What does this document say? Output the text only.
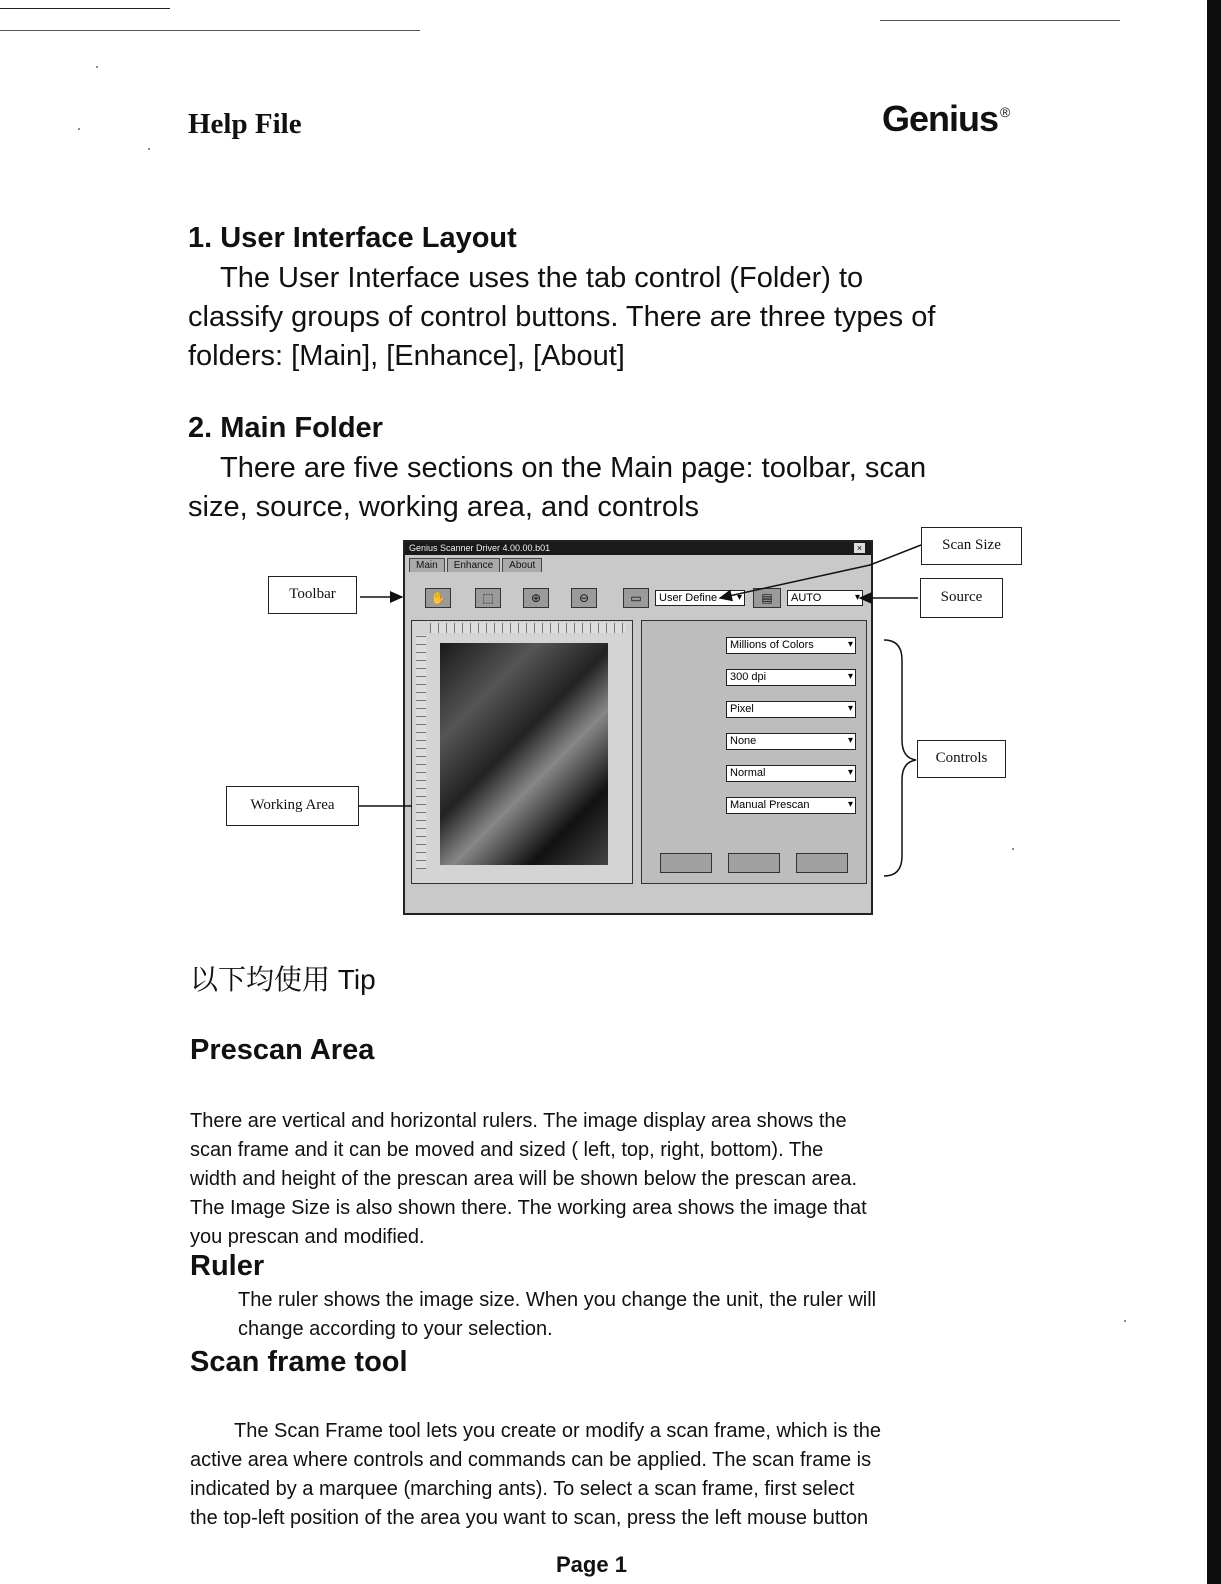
Help File	Genius ®
1. User Interface Layout
The User Interface uses the tab control (Folder) to
classify groups of control buttons. There are three types of
folders: [Main], [Enhance], [About]
2. Main Folder
There are five sections on the Main page: toolbar, scan
size, source, working area, and controls
Genius Scanner Driver 4.00.00.b01	×
Main	Enhance	About
✋	⬚	⊕	⊖	▭	User Define ▾	▤	AUTO	▾
Millions of Colors	▾
300 dpi	▾
Pixel	▾
None	▾
Normal	▾
Manual Prescan	▾
Toolbar
Scan Size
Source
Controls
Working Area
以下均使用 Tip
Prescan Area
There are vertical and horizontal rulers. The image display area shows the
scan frame and it can be moved and sized ( left, top, right, bottom). The
width and height of the prescan area will be shown below the prescan area.
The Image Size is also shown there. The working area shows the image that
you prescan and modified.
Ruler
The ruler shows the image size. When you change the unit, the ruler will
change according to your selection.
Scan frame tool
The Scan Frame tool lets you create or modify a scan frame, which is the
active area where controls and commands can be applied. The scan frame is
indicated by a marquee (marching ants). To select a scan frame, first select
the top-left position of the area you want to scan, press the left mouse button
Page 1
